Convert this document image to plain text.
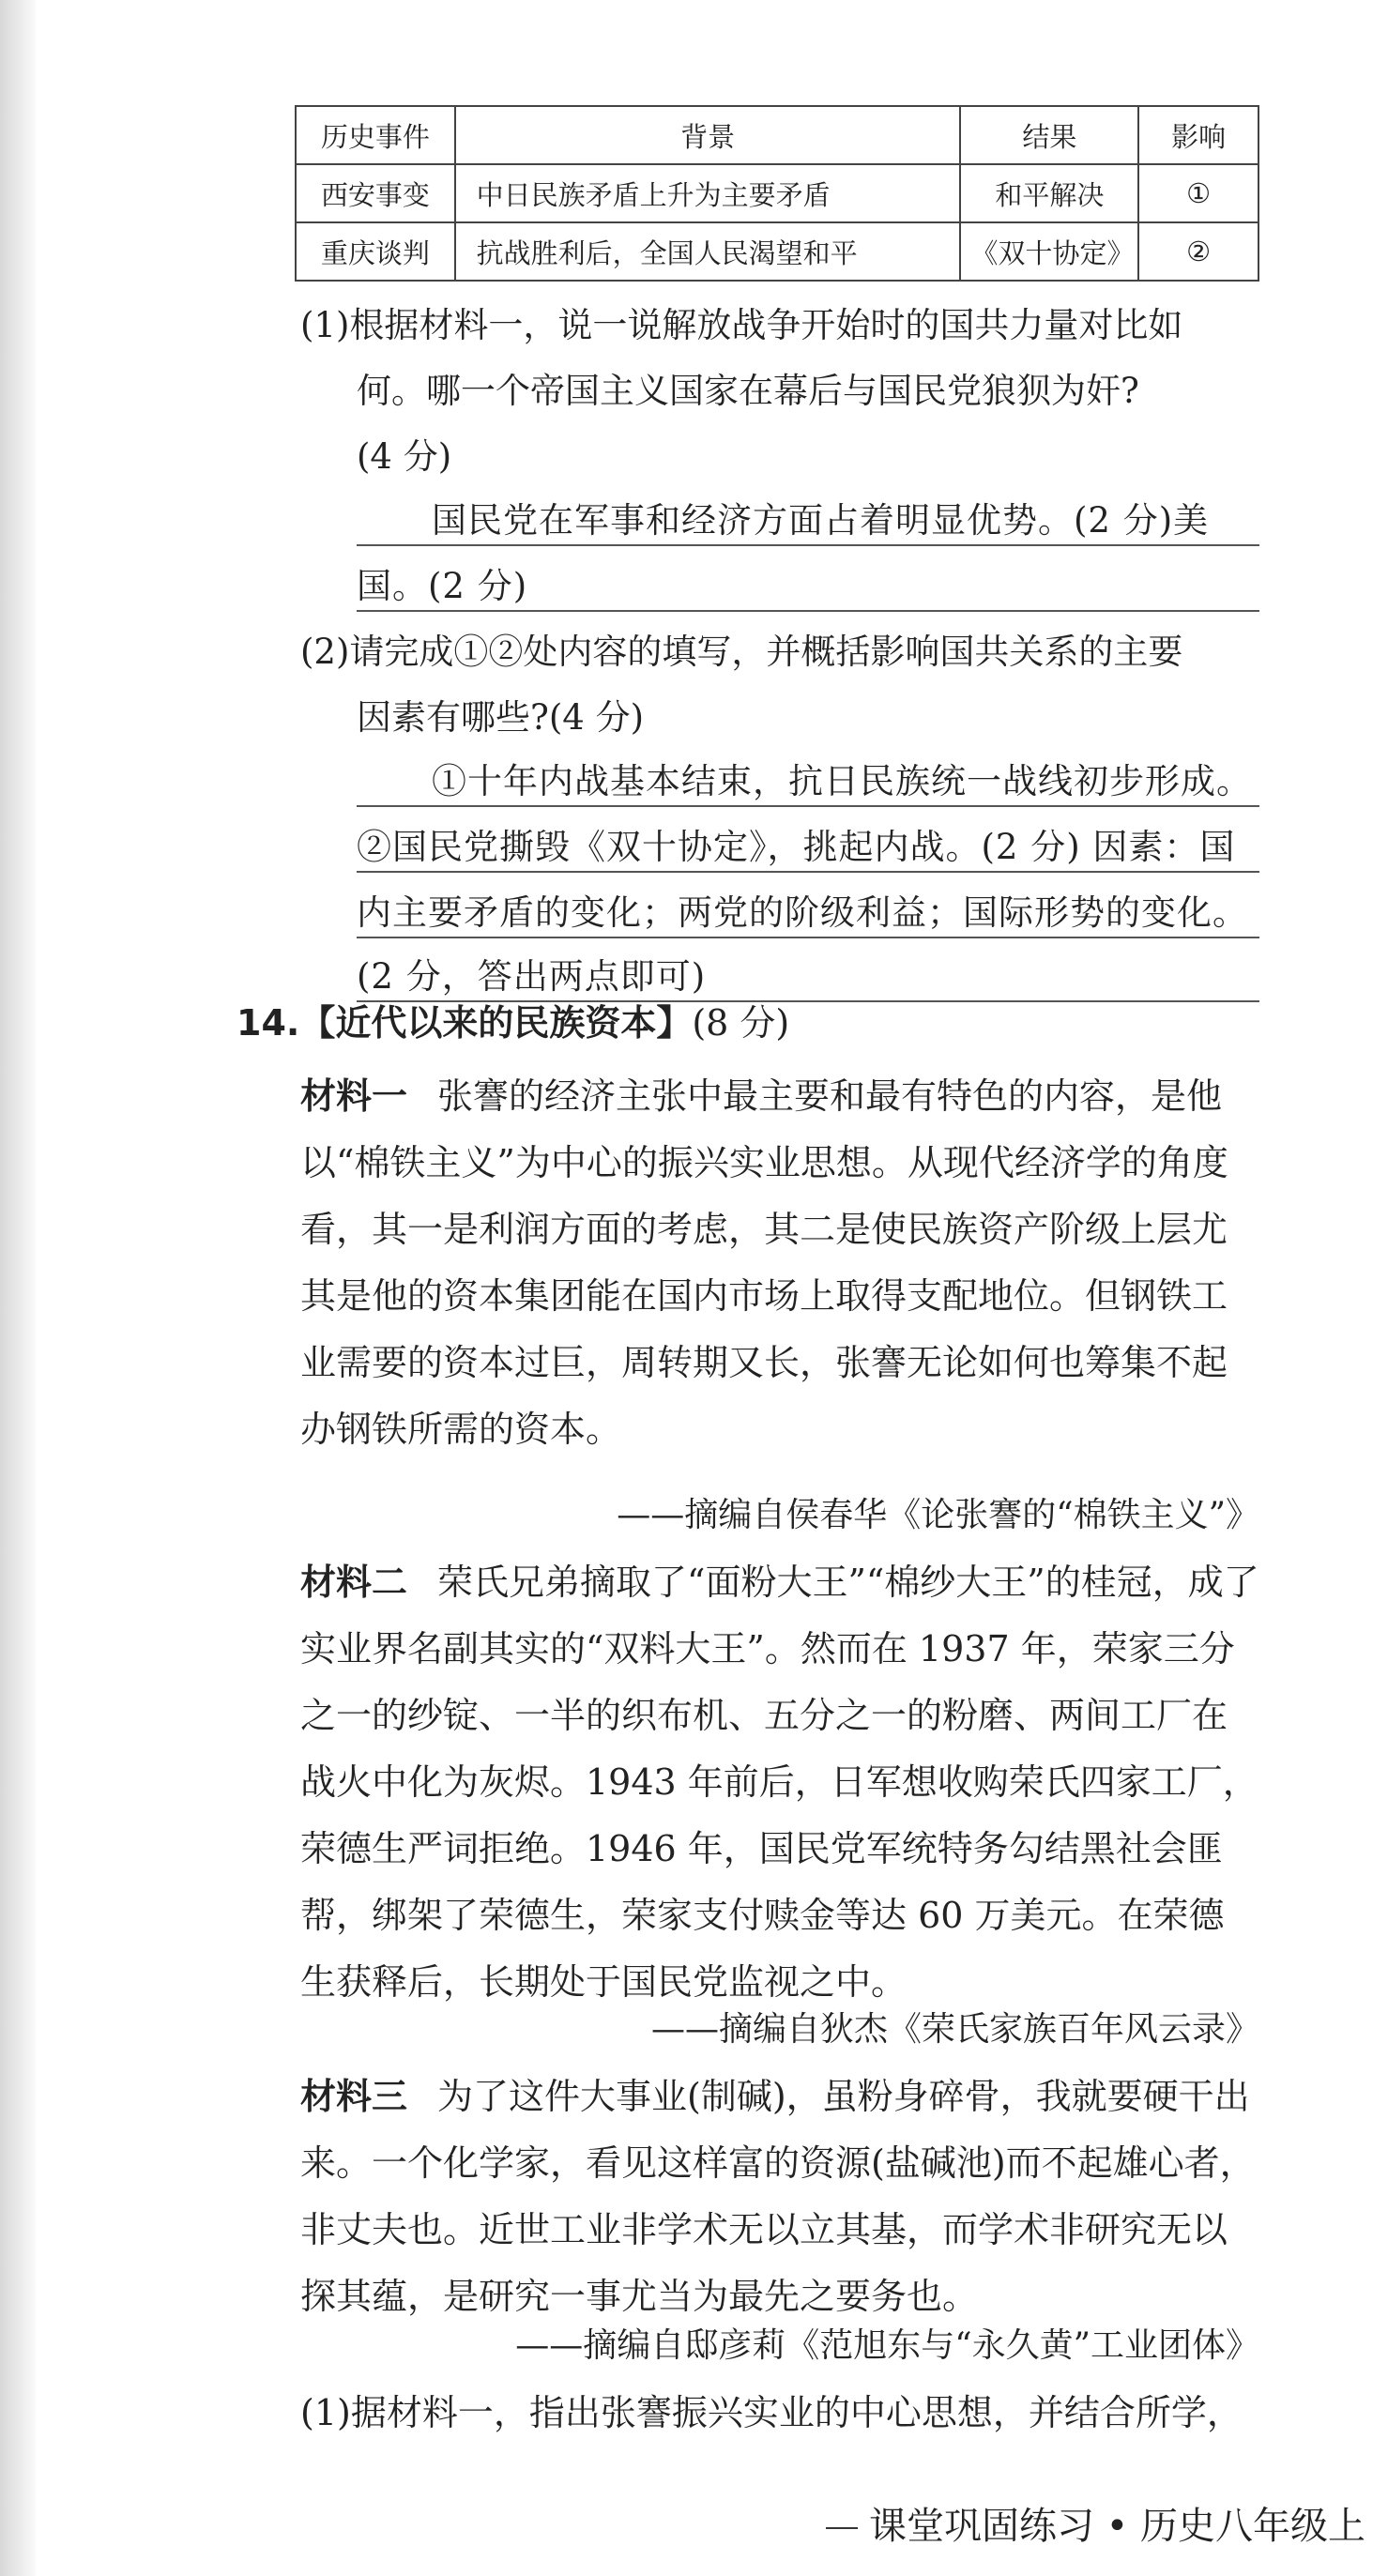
历史事件	背景	结果	影响
西安事变	中日民族矛盾上升为主要矛盾	和平解决	①
重庆谈判	抗战胜利后，全国人民渴望和平	《双十协定》	②
(1)根据材料一，说一说解放战争开始时的国共力量对比如
何。哪一个帝国主义国家在幕后与国民党狼狈为奸?
(4 分)
国民党在军事和经济方面占着明显优势。(2 分)美
国。(2 分)
(2)请完成①②处内容的填写，并概括影响国共关系的主要
因素有哪些?(4 分)
①十年内战基本结束，抗日民族统一战线初步形成。
②国民党撕毁《双十协定》，挑起内战。(2 分) 因素：国
内主要矛盾的变化；两党的阶级利益；国际形势的变化。
(2 分，答出两点即可)
14.【近代以来的民族资本】(8 分)
材料一 张謇的经济主张中最主要和最有特色的内容，是他以“棉铁主义”为中心的振兴实业思想。从现代经济学的角度看，其一是利润方面的考虑，其二是使民族资产阶级上层尤其是他的资本集团能在国内市场上取得支配地位。但钢铁工业需要的资本过巨，周转期又长，张謇无论如何也筹集不起办钢铁所需的资本。
——摘编自侯春华《论张謇的“棉铁主义”》
材料二 荣氏兄弟摘取了“面粉大王”“棉纱大王”的桂冠，成了实业界名副其实的“双料大王”。然而在 1937 年，荣家三分之一的纱锭、一半的织布机、五分之一的粉磨、两间工厂在战火中化为灰烬。1943 年前后，日军想收购荣氏四家工厂，荣德生严词拒绝。1946 年，国民党军统特务勾结黑社会匪帮，绑架了荣德生，荣家支付赎金等达 60 万美元。在荣德生获释后，长期处于国民党监视之中。
——摘编自狄杰《荣氏家族百年风云录》
材料三 为了这件大事业(制碱)，虽粉身碎骨，我就要硬干出来。一个化学家，看见这样富的资源(盐碱池)而不起雄心者，非丈夫也。近世工业非学术无以立其基，而学术非研究无以探其蕴，是研究一事尤当为最先之要务也。
——摘编自邸彦莉《范旭东与“永久黄”工业团体》
(1)据材料一，指出张謇振兴实业的中心思想，并结合所学，
课堂巩固练习 • 历史八年级上
